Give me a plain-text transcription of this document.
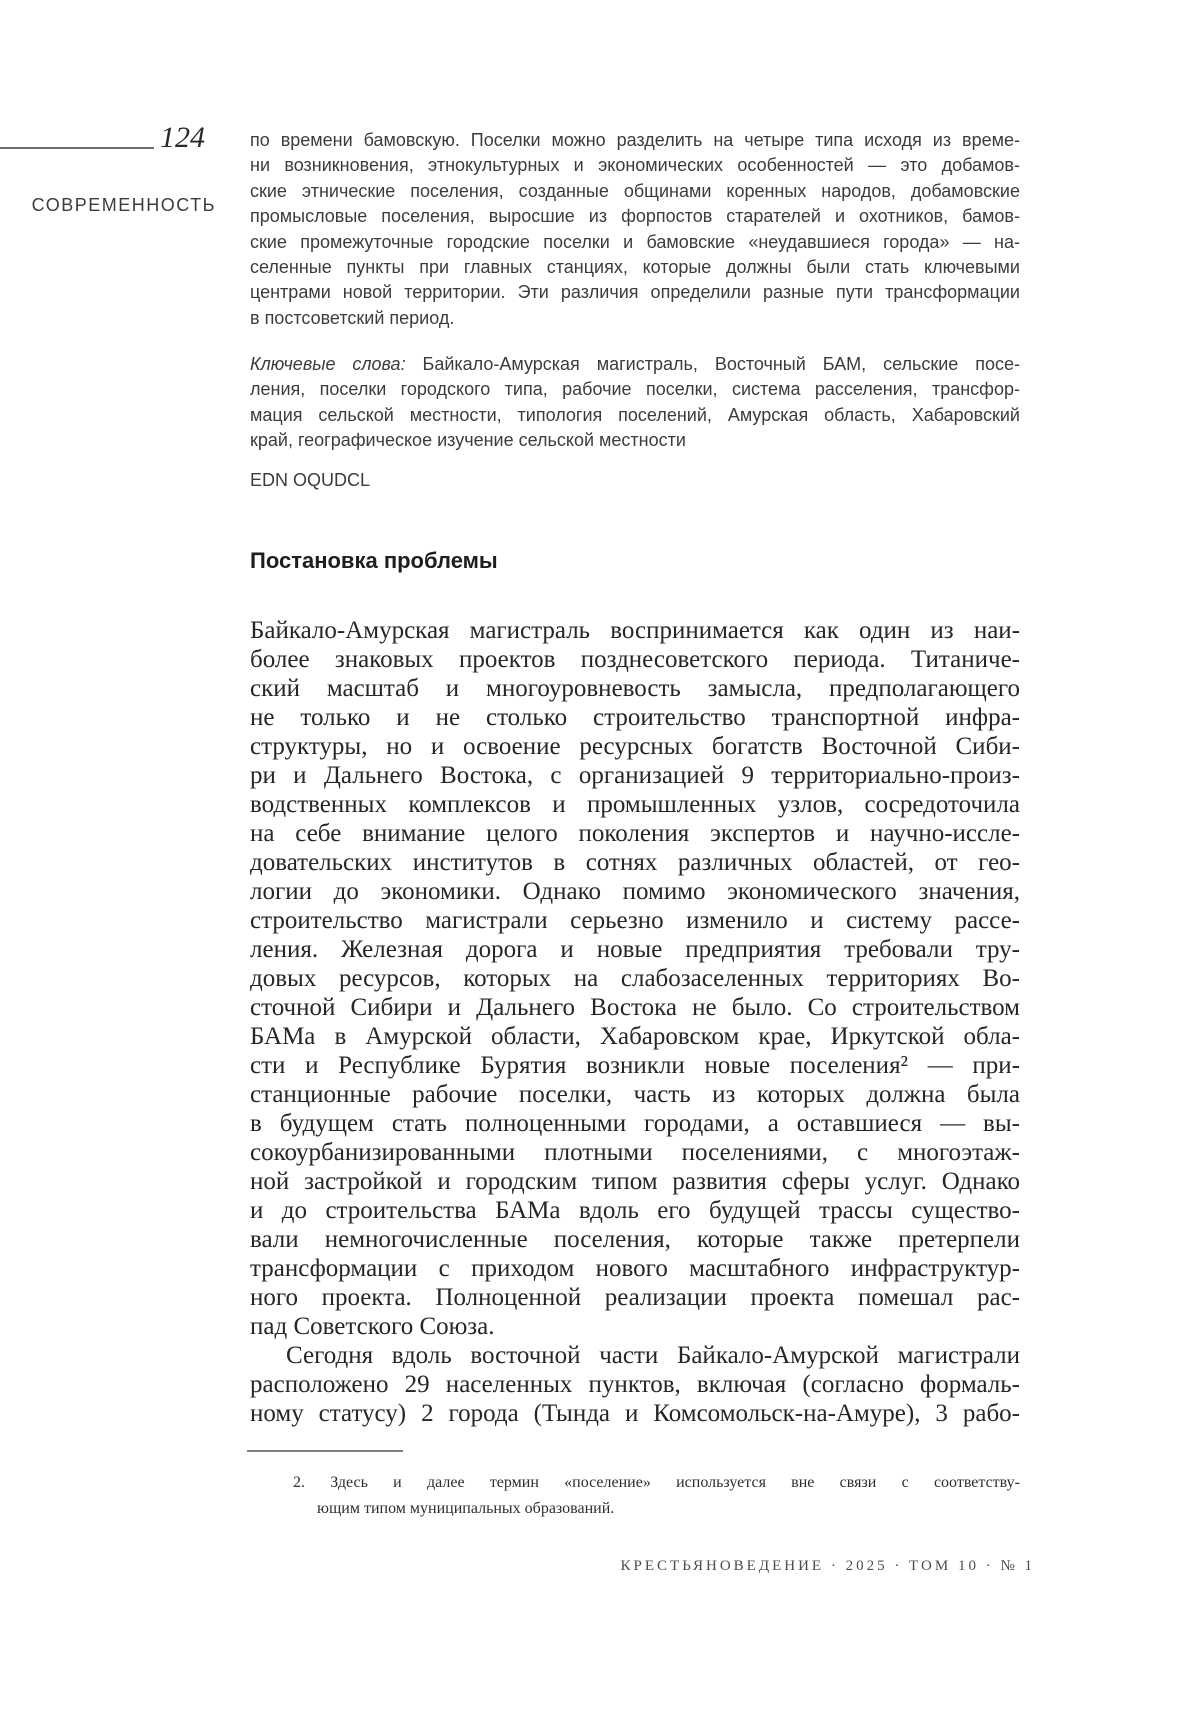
124
СОВРЕМЕННОСТЬ
по времени бамовскую. Поселки можно разделить на четыре типа исходя из време-
ни возникновения, этнокультурных и экономических особенностей — это добамов-
ские этнические поселения, созданные общинами коренных народов, добамовские
промысловые поселения, выросшие из форпостов старателей и охотников, бамов-
ские промежуточные городские поселки и бамовские «неудавшиеся города» — на-
селенные пункты при главных станциях, которые должны были стать ключевыми
центрами новой территории. Эти различия определили разные пути трансформации
в постсоветский период.
Ключевые слова: Байкало-Амурская магистраль, Восточный БАМ, сельские посе-
ления, поселки городского типа, рабочие поселки, система расселения, трансфор-
мация сельской местности, типология поселений, Амурская область, Хабаровский
край, географическое изучение сельской местности
EDN OQUDCL
Постановка проблемы
Байкало-Амурская магистраль воспринимается как один из наи-
более знаковых проектов позднесоветского периода. Титаниче-
ский масштаб и многоуровневость замысла, предполагающего
не только и не столько строительство транспортной инфра-
структуры, но и освоение ресурсных богатств Восточной Сиби-
ри и Дальнего Востока, с организацией 9 территориально-произ-
водственных комплексов и промышленных узлов, сосредоточила
на себе внимание целого поколения экспертов и научно-иссле-
довательских институтов в сотнях различных областей, от гео-
логии до экономики. Однако помимо экономического значения,
строительство магистрали серьезно изменило и систему рассе-
ления. Железная дорога и новые предприятия требовали тру-
довых ресурсов, которых на слабозаселенных территориях Во-
сточной Сибири и Дальнего Востока не было. Со строительством
БАМа в Амурской области, Хабаровском крае, Иркутской обла-
сти и Республике Бурятия возникли новые поселения² — при-
станционные рабочие поселки, часть из которых должна была
в будущем стать полноценными городами, а оставшиеся — вы-
сокоурбанизированными плотными поселениями, с многоэтаж-
ной застройкой и городским типом развития сферы услуг. Однако
и до строительства БАМа вдоль его будущей трассы существо-
вали немногочисленные поселения, которые также претерпели
трансформации с приходом нового масштабного инфраструктур-
ного проекта. Полноценной реализации проекта помешал рас-
пад Советского Союза.
Сегодня вдоль восточной части Байкало-Амурской магистрали
расположено 29 населенных пунктов, включая (согласно формаль-
ному статусу) 2 города (Тында и Комсомольск-на-Амуре), 3 рабо-
2. Здесь и далее термин «поселение» используется вне связи с соответству-
ющим типом муниципальных образований.
КРЕСТЬЯНОВЕДЕНИЕ · 2025 · ТОМ 10 · № 1
